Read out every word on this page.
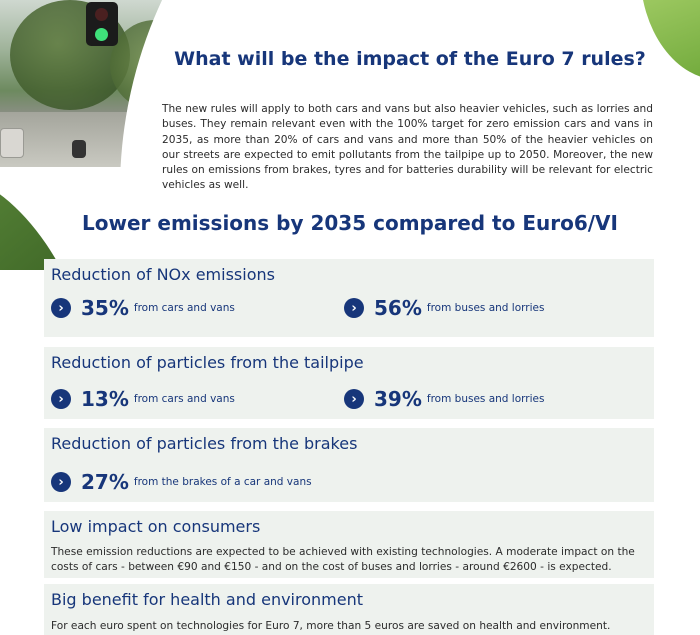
What will be the impact of the Euro 7 rules?

The new rules will apply to both cars and vans but also heavier vehicles, such as lorries and buses. They remain relevant even with the 100% target for zero emission cars and vans in 2035, as more than 20% of cars and vans and more than 50% of the heavier vehicles on our streets are expected to emit pollutants from the tailpipe up to 2050. Moreover, the new rules on emissions from brakes, tyres and for batteries durability will be relevant for electric vehicles as well.

Lower emissions by 2035 compared to Euro6/VI
Reduction of NOx emissions
› 35% from cars and vans	› 56% from buses and lorries
Reduction of particles from the tailpipe
› 13% from cars and vans	› 39% from buses and lorries
Reduction of particles from the brakes
› 27% from the brakes of a car and vans
Low impact on consumers

These emission reductions are expected to be achieved with existing technologies. A moderate impact on the costs of cars - between €90 and €150 - and on the cost of buses and lorries - around €2600 - is expected.

Big benefit for health and environment

For each euro spent on technologies for Euro 7, more than 5 euros are saved on health and environment.
